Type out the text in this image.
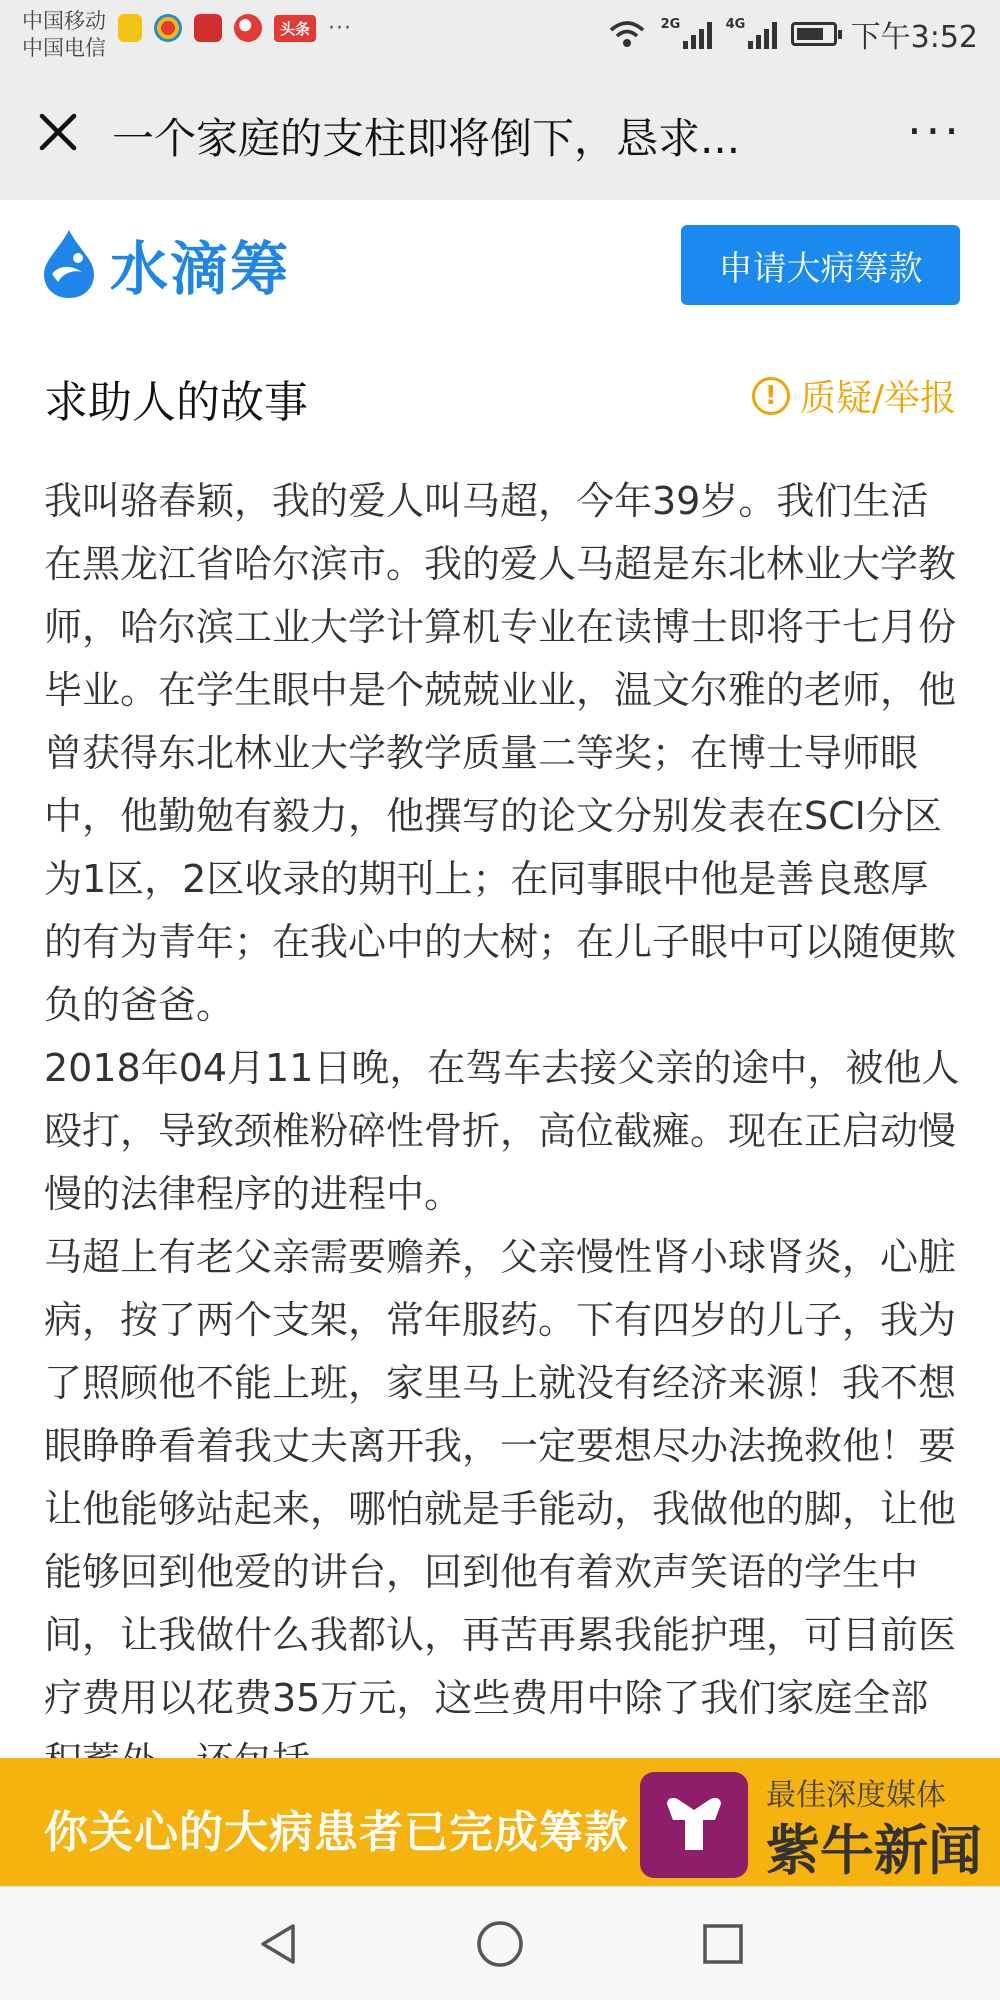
中国移动
中国电信
头条 ···	2G	4G	下午3:52
一个家庭的支柱即将倒下，恳求...	···
水滴筹	申请大病筹款
求助人的故事	! 质疑/举报

我叫骆春颖，我的爱人叫马超，今年39岁。我们生活在黑龙江省哈尔滨市。我的爱人马超是东北林业大学教师，哈尔滨工业大学计算机专业在读博士即将于七月份毕业。在学生眼中是个兢兢业业，温文尔雅的老师，他曾获得东北林业大学教学质量二等奖；在博士导师眼中，他勤勉有毅力，他撰写的论文分别发表在SCI分区为1区，2区收录的期刊上；在同事眼中他是善良憨厚的有为青年；在我心中的大树；在儿子眼中可以随便欺负的爸爸。

2018年04月11日晚，在驾车去接父亲的途中，被他人殴打，导致颈椎粉碎性骨折，高位截瘫。现在正启动慢慢的法律程序的进程中。

马超上有老父亲需要赡养，父亲慢性肾小球肾炎，心脏病，按了两个支架，常年服药。下有四岁的儿子，我为了照顾他不能上班，家里马上就没有经济来源！我不想眼睁睁看着我丈夫离开我，一定要想尽办法挽救他！要让他能够站起来，哪怕就是手能动，我做他的脚，让他能够回到他爱的讲台，回到他有着欢声笑语的学生中间，让我做什么我都认，再苦再累我能护理，可目前医疗费用以花费35万元，这些费用中除了我们家庭全部

你关心的大病患者已完成筹款
最佳深度媒体
紫牛新闻
